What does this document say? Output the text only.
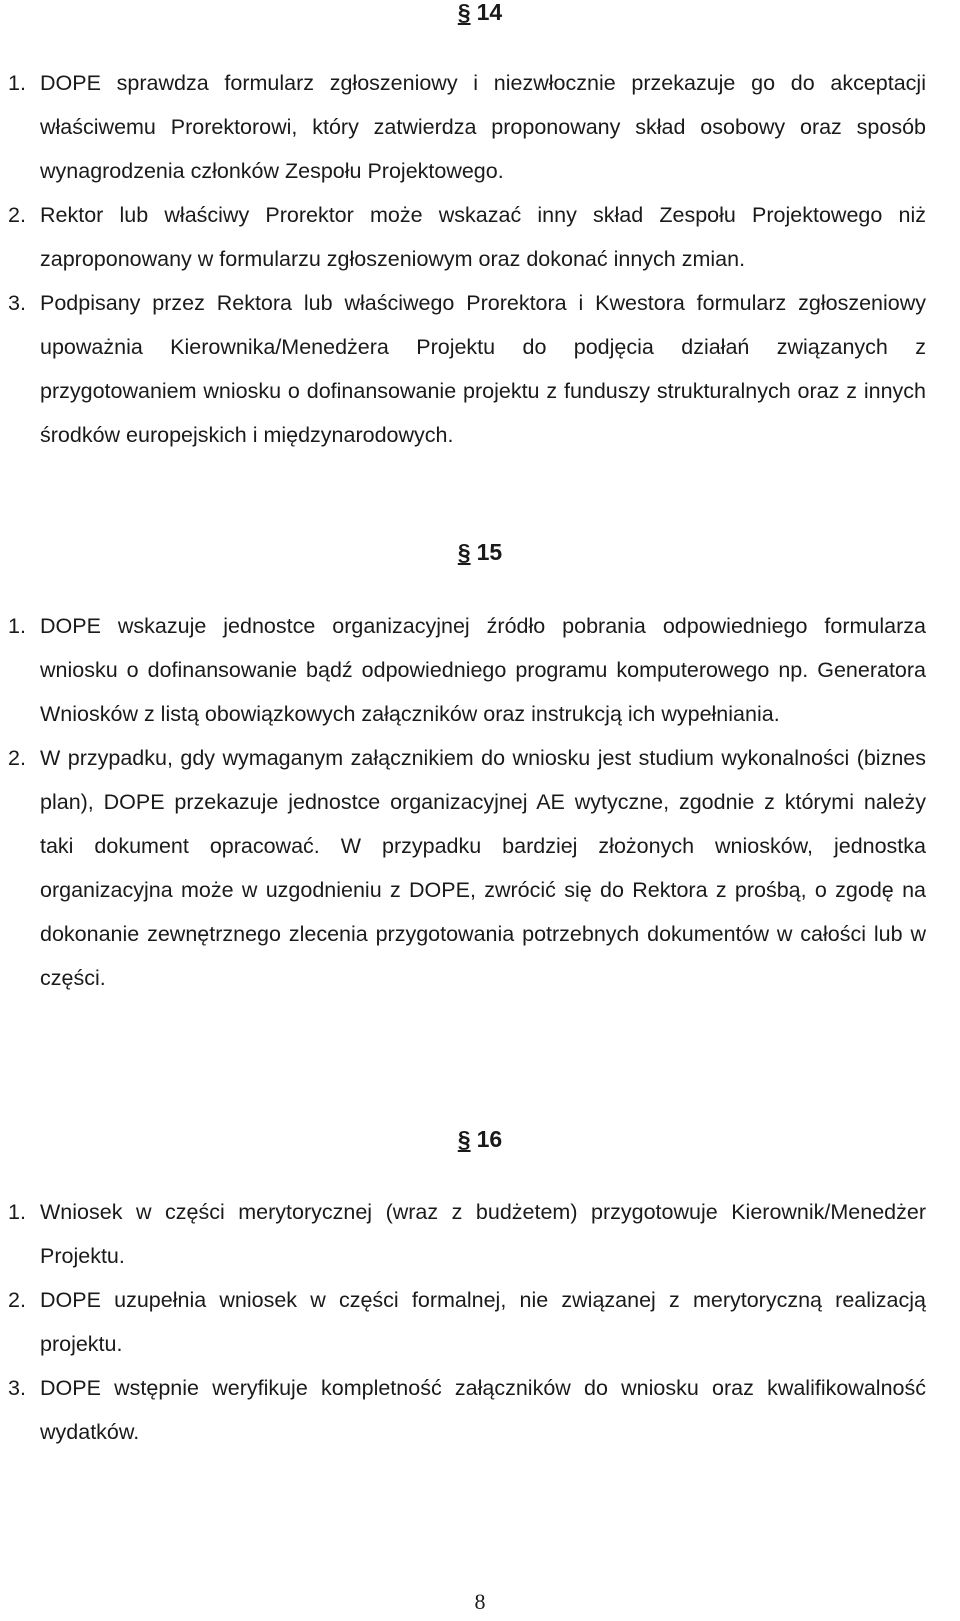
§ 14
1. DOPE sprawdza formularz zgłoszeniowy i niezwłocznie przekazuje go do akceptacji właściwemu Prorektorowi, który zatwierdza proponowany skład osobowy oraz sposób wynagrodzenia członków Zespołu Projektowego.
2. Rektor lub właściwy Prorektor może wskazać inny skład Zespołu Projektowego niż zaproponowany w formularzu zgłoszeniowym oraz dokonać innych zmian.
3. Podpisany przez Rektora lub właściwego Prorektora i Kwestora formularz zgłoszeniowy upoważnia Kierownika/Menedżera Projektu do podjęcia działań związanych z przygotowaniem wniosku o dofinansowanie projektu z funduszy strukturalnych oraz z innych środków europejskich i międzynarodowych.
§ 15
1. DOPE wskazuje jednostce organizacyjnej źródło pobrania odpowiedniego formularza wniosku o dofinansowanie bądź odpowiedniego programu komputerowego np. Generatora Wniosków z listą obowiązkowych załączników oraz instrukcją ich wypełniania.
2. W przypadku, gdy wymaganym załącznikiem do wniosku jest studium wykonalności (biznes plan), DOPE przekazuje jednostce organizacyjnej AE wytyczne, zgodnie z którymi należy taki dokument opracować. W przypadku bardziej złożonych wniosków, jednostka organizacyjna może w uzgodnieniu z DOPE, zwrócić się do Rektora z prośbą, o zgodę na dokonanie zewnętrznego zlecenia przygotowania potrzebnych dokumentów w całości lub w części.
§ 16
1. Wniosek w części merytorycznej (wraz z budżetem) przygotowuje Kierownik/Menedżer Projektu.
2. DOPE uzupełnia wniosek w części formalnej, nie związanej z merytoryczną realizacją projektu.
3. DOPE wstępnie weryfikuje kompletność załączników do wniosku oraz kwalifikowalność wydatków.
8
